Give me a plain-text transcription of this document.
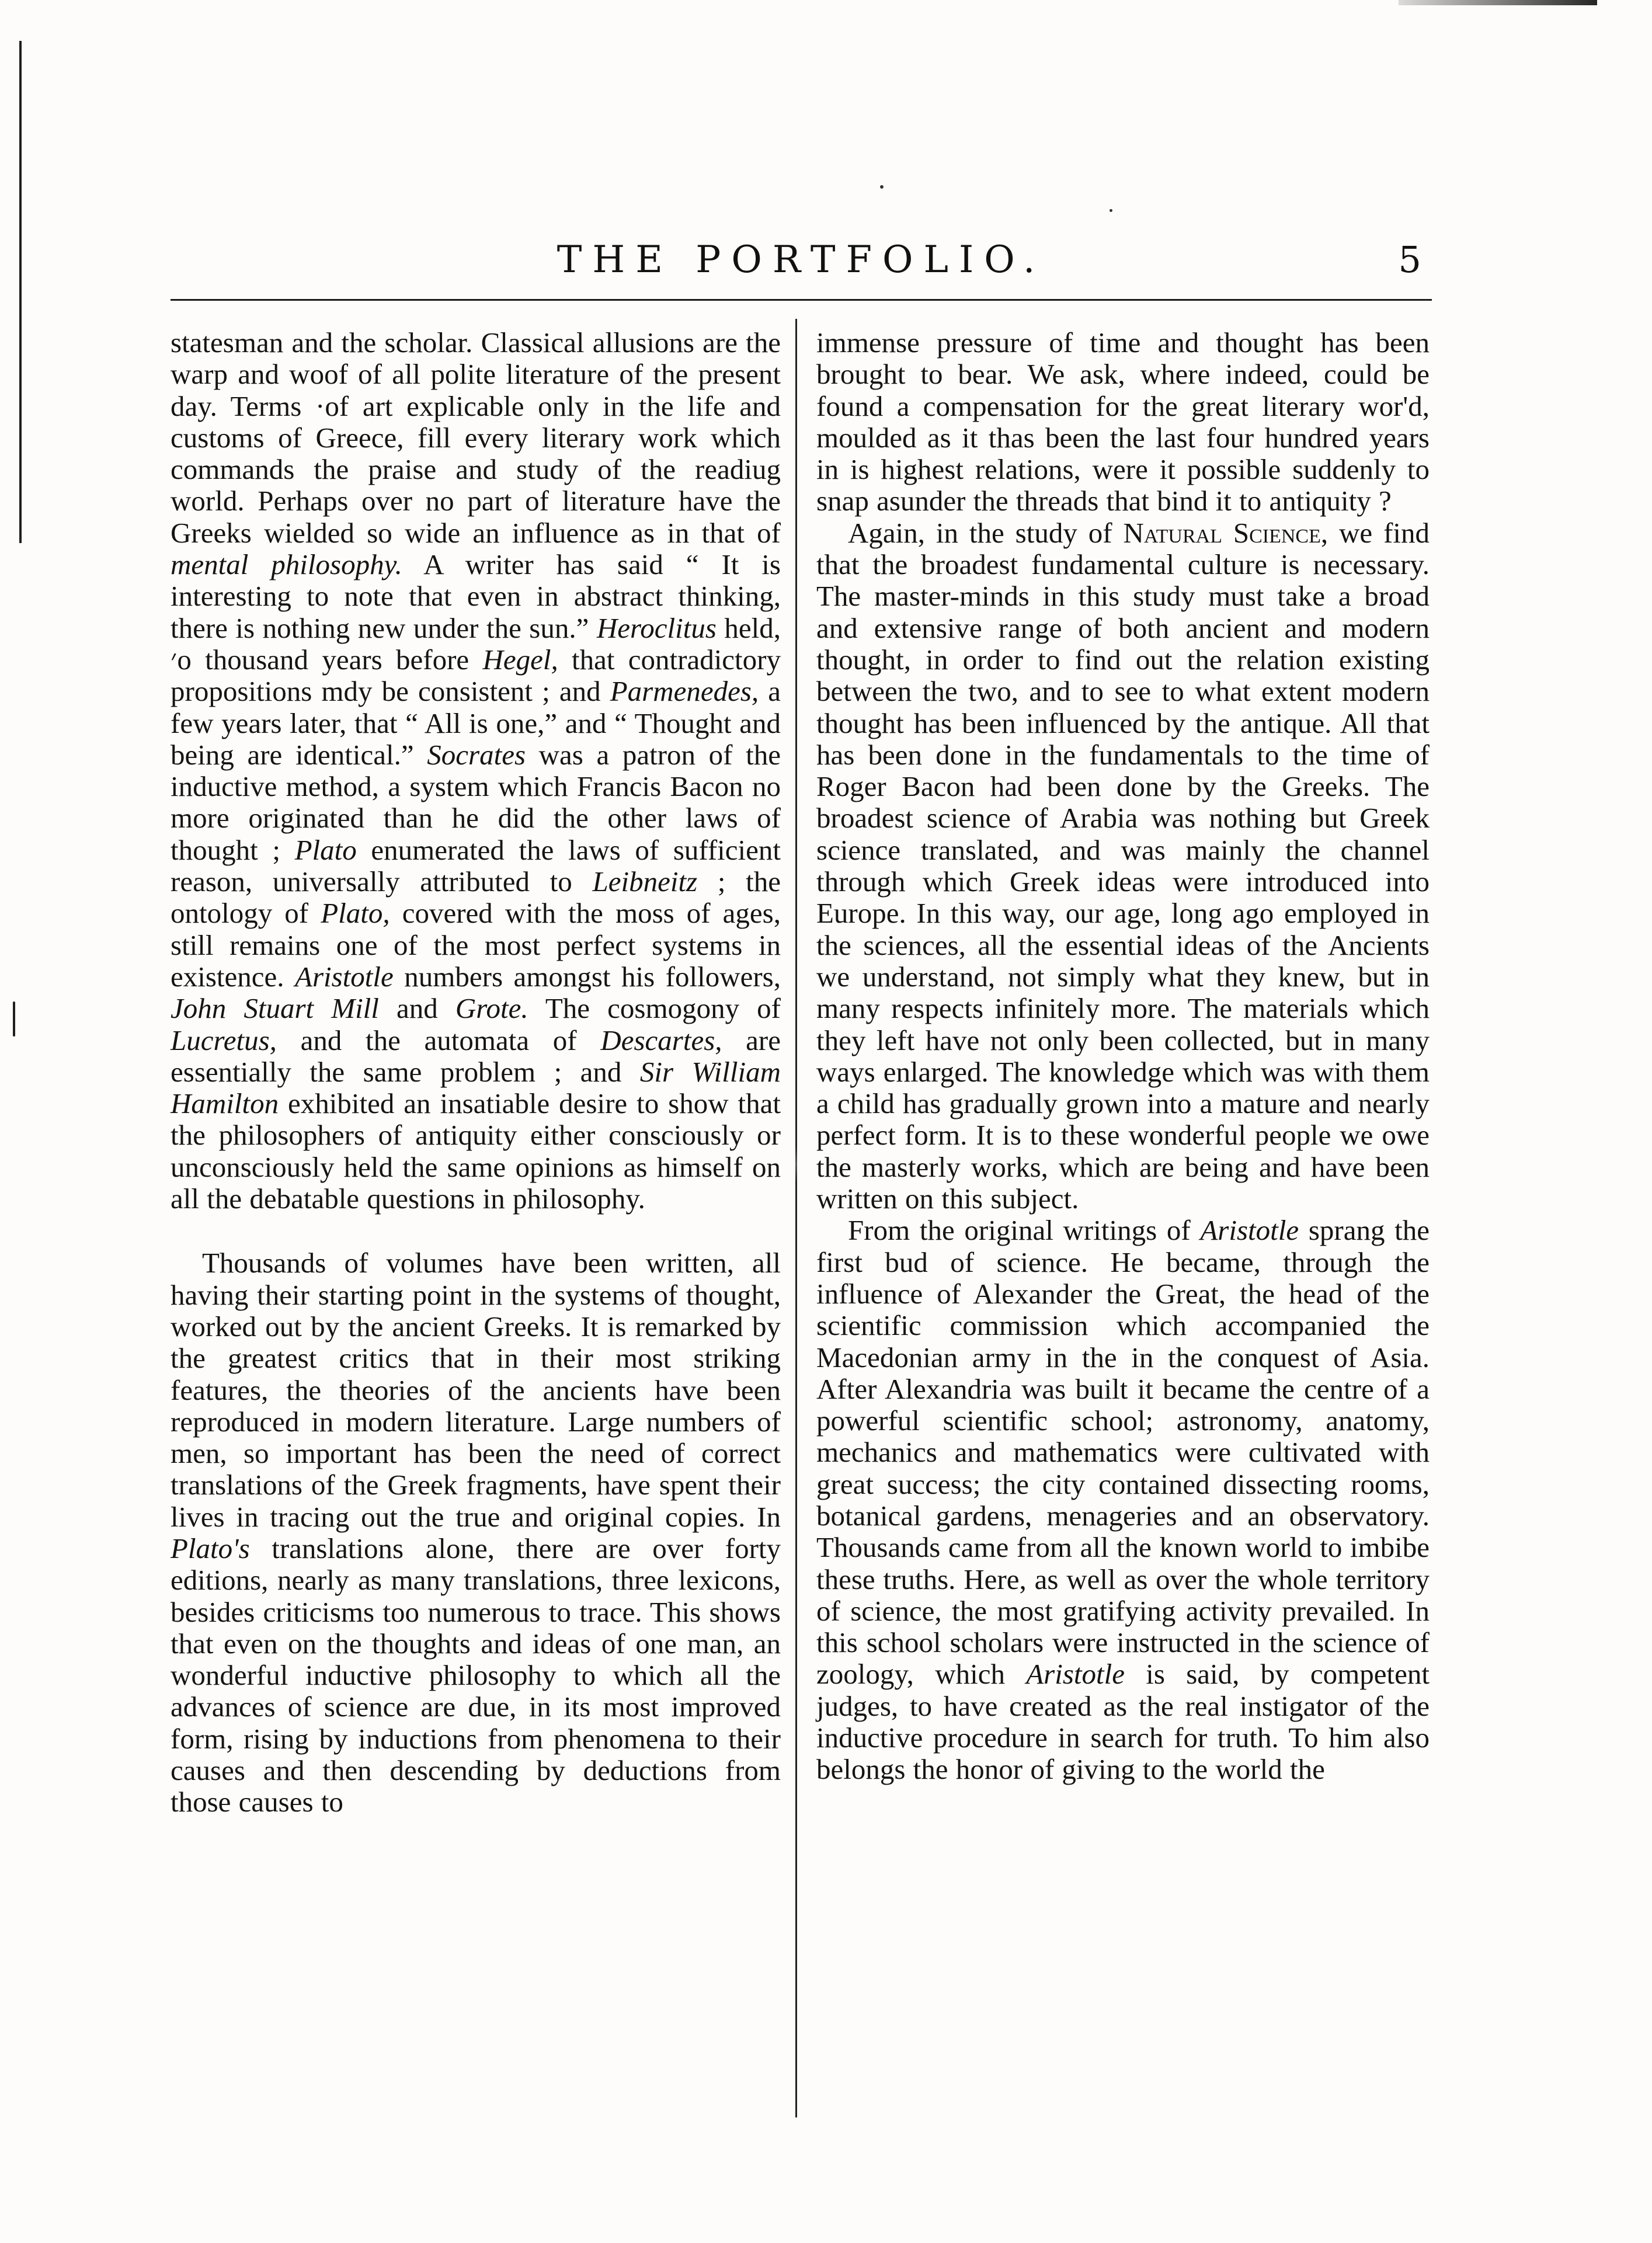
THE PORTFOLIO.	5

statesman and the scholar. Classical allusions are the warp and woof of all polite literature of the present day. Terms ·of art explicable only in the life and customs of Greece, fill every literary work which commands the praise and study of the readiug world. Perhaps over no part of literature have the Greeks wielded so wide an influence as in that of mental philosophy. A writer has said “ It is interesting to note that even in abstract thinking, there is nothing new under the sun.” Heroclitus held, ׳o thousand years before Hegel, that contradictory propositions mdy be consistent ; and Parmenedes, a few years later, that “ All is one,” and “ Thought and being are identical.” Socrates was a patron of the inductive method, a system which Francis Bacon no more originated than he did the other laws of thought ; Plato enumerated the laws of sufficient reason, universally attributed to Leibneitz ; the ontology of Plato, covered with the moss of ages, still remains one of the most perfect systems in existence. Aristotle numbers amongst his followers, John Stuart Mill and Grote. The cosmogony of Lucretus, and the automata of Descartes, are essentially the same problem ; and Sir William Hamilton exhibited an insatiable desire to show that the philosophers of antiquity either consciously or unconsciously held the same opinions as himself on all the debatable questions in philosophy.

Thousands of volumes have been written, all having their starting point in the systems of thought, worked out by the ancient Greeks. It is remarked by the greatest critics that in their most striking features, the theories of the ancients have been reproduced in modern literature. Large numbers of men, so important has been the need of correct translations of the Greek fragments, have spent their lives in tracing out the true and original copies. In Plato's translations alone, there are over forty editions, nearly as many translations, three lexicons, besides criticisms too numerous to trace. This shows that even on the thoughts and ideas of one man, an wonderful inductive philosophy to which all the advances of science are due, in its most improved form, rising by inductions from phenomena to their causes and then descending by deductions from those causes to

immense pressure of time and thought has been brought to bear. We ask, where indeed, could be found a compensation for the great literary wor'd, moulded as it thas been the last four hundred years in is highest relations, were it possible suddenly to snap asunder the threads that bind it to antiquity ?

Again, in the study of Natural Science, we find that the broadest fundamental culture is necessary. The master-minds in this study must take a broad and extensive range of both ancient and modern thought, in order to find out the relation existing between the two, and to see to what extent modern thought has been influenced by the antique. All that has been done in the fundamentals to the time of Roger Bacon had been done by the Greeks. The broadest science of Arabia was nothing but Greek science translated, and was mainly the channel through which Greek ideas were introduced into Europe. In this way, our age, long ago employed in the sciences, all the essential ideas of the Ancients we understand, not simply what they knew, but in many respects infinitely more. The materials which they left have not only been collected, but in many ways enlarged. The knowledge which was with them a child has gradually grown into a mature and nearly perfect form. It is to these wonderful people we owe the masterly works, which are being and have been written on this subject.

From the original writings of Aristotle sprang the first bud of science. He became, through the influence of Alexander the Great, the head of the scientific commission which accompanied the Macedonian army in the in the conquest of Asia. After Alexandria was built it became the centre of a powerful scientific school; astronomy, anatomy, mechanics and mathematics were cultivated with great success; the city contained dissecting rooms, botanical gardens, menageries and an observatory. Thousands came from all the known world to imbibe these truths. Here, as well as over the whole territory of science, the most gratifying activity prevailed. In this school scholars were instructed in the science of zoology, which Aristotle is said, by competent judges, to have created as the real instigator of the inductive procedure in search for truth. To him also belongs the honor of giving to the world the
